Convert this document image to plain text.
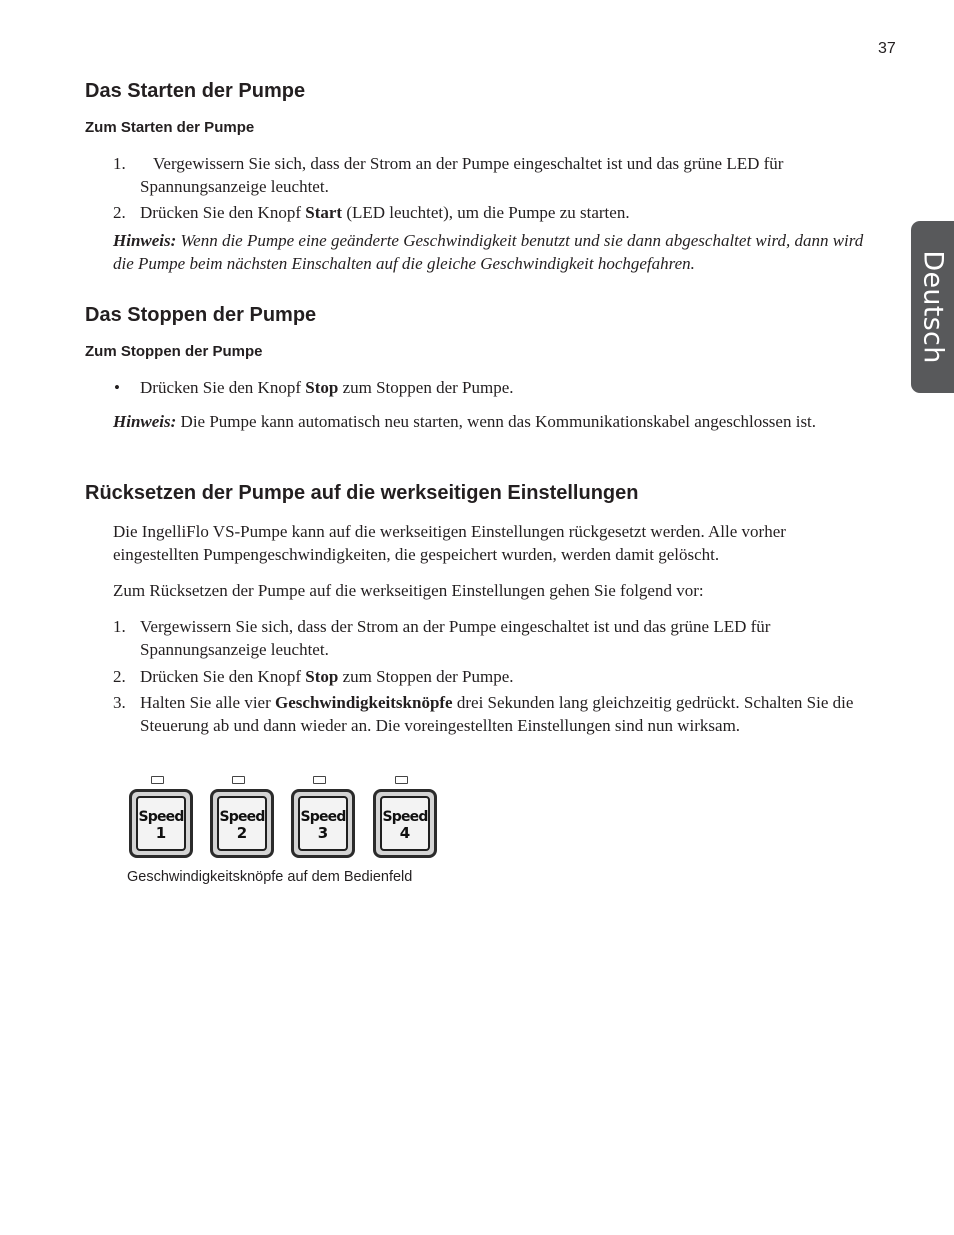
37
Deutsch
Das Starten der Pumpe
Zum Starten der Pumpe
1.	Vergewissern Sie sich, dass der Strom an der Pumpe eingeschaltet ist und das grüne LED für Spannungsanzeige leuchtet.
2. Drücken Sie den Knopf Start (LED leuchtet), um die Pumpe zu starten.

Hinweis: Wenn die Pumpe eine geänderte Geschwindigkeit benutzt und sie dann abgeschaltet wird, dann wird die Pumpe beim nächsten Einschalten auf die gleiche Geschwindigkeit hochgefahren.

Das Stoppen der Pumpe
Zum Stoppen der Pumpe
• Drücken Sie den Knopf Stop zum Stoppen der Pumpe.

Hinweis: Die Pumpe kann automatisch neu starten, wenn das Kommunikationskabel angeschlossen ist.

Rücksetzen der Pumpe auf die werkseitigen Einstellungen

Die IngelliFlo VS-Pumpe kann auf die werkseitigen Einstellungen rückgesetzt werden. Alle vorher eingestellten Pumpengeschwindigkeiten, die gespeichert wurden, werden damit gelöscht.

Zum Rücksetzen der Pumpe auf die werkseitigen Einstellungen gehen Sie folgend vor:

1. Vergewissern Sie sich, dass der Strom an der Pumpe eingeschaltet ist und das grüne LED für Spannungsanzeige leuchtet.
2. Drücken Sie den Knopf Stop zum Stoppen der Pumpe.
3. Halten Sie alle vier Geschwindigkeitsknöpfe drei Sekunden lang gleichzeitig gedrückt. Schalten Sie die Steuerung ab und dann wieder an. Die voreingestellten Einstellungen sind nun wirksam.
Speed
1
Speed
2
Speed
3
Speed
4
Geschwindigkeitsknöpfe auf dem Bedienfeld
